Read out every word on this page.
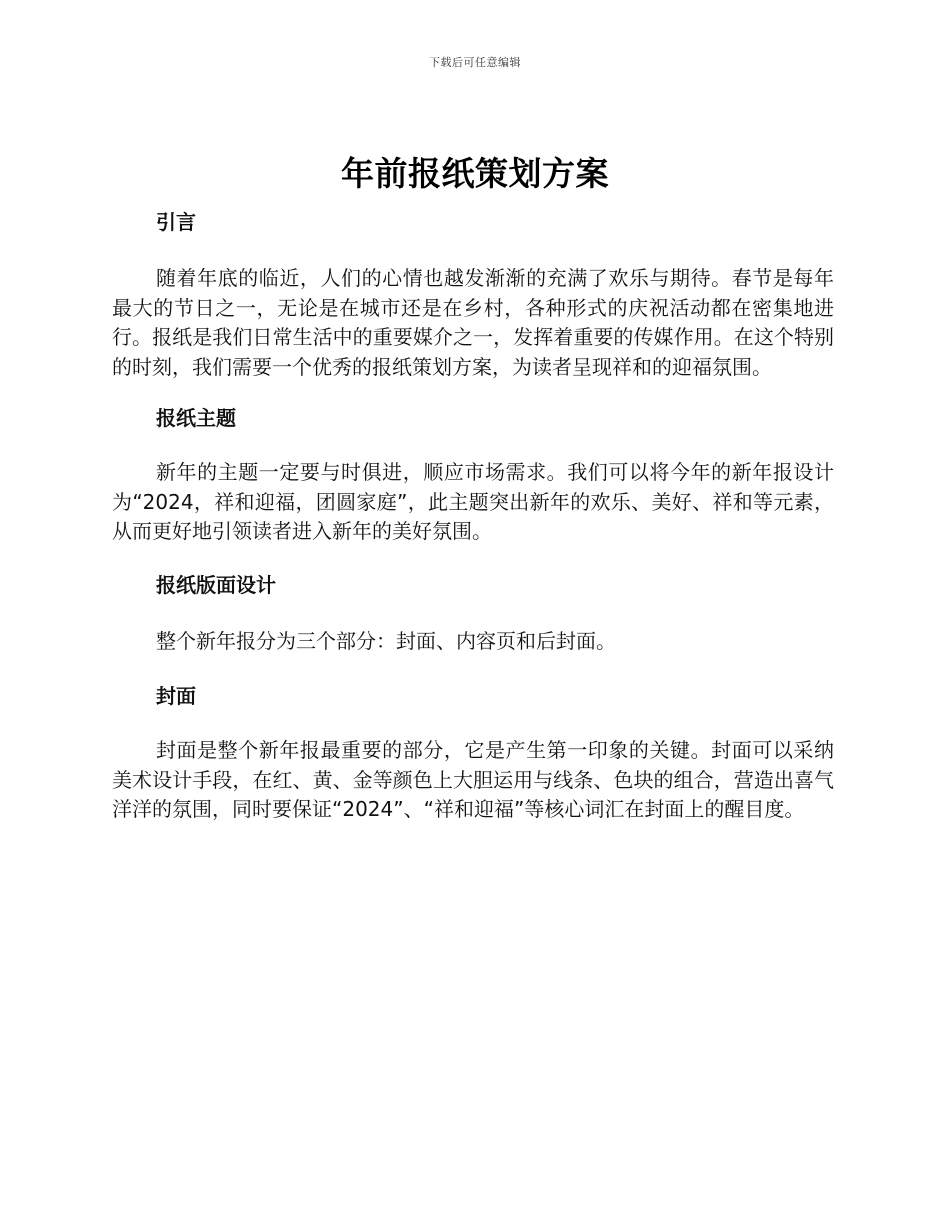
下载后可任意编辑
年前报纸策划方案
引言

随着年底的临近，人们的心情也越发渐渐的充满了欢乐与期待。春节是每年最大的节日之一，无论是在城市还是在乡村，各种形式的庆祝活动都在密集地进行。报纸是我们日常生活中的重要媒介之一，发挥着重要的传媒作用。在这个特别的时刻，我们需要一个优秀的报纸策划方案，为读者呈现祥和的迎福氛围。

报纸主题

新年的主题一定要与时俱进，顺应市场需求。我们可以将今年的新年报设计为“2024，祥和迎福，团圆家庭”，此主题突出新年的欢乐、美好、祥和等元素，从而更好地引领读者进入新年的美好氛围。

报纸版面设计

整个新年报分为三个部分：封面、内容页和后封面。

封面

封面是整个新年报最重要的部分，它是产生第一印象的关键。封面可以采纳美术设计手段，在红、黄、金等颜色上大胆运用与线条、色块的组合，营造出喜气洋洋的氛围，同时要保证“2024”、“祥和迎福”等核心词汇在封面上的醒目度。
